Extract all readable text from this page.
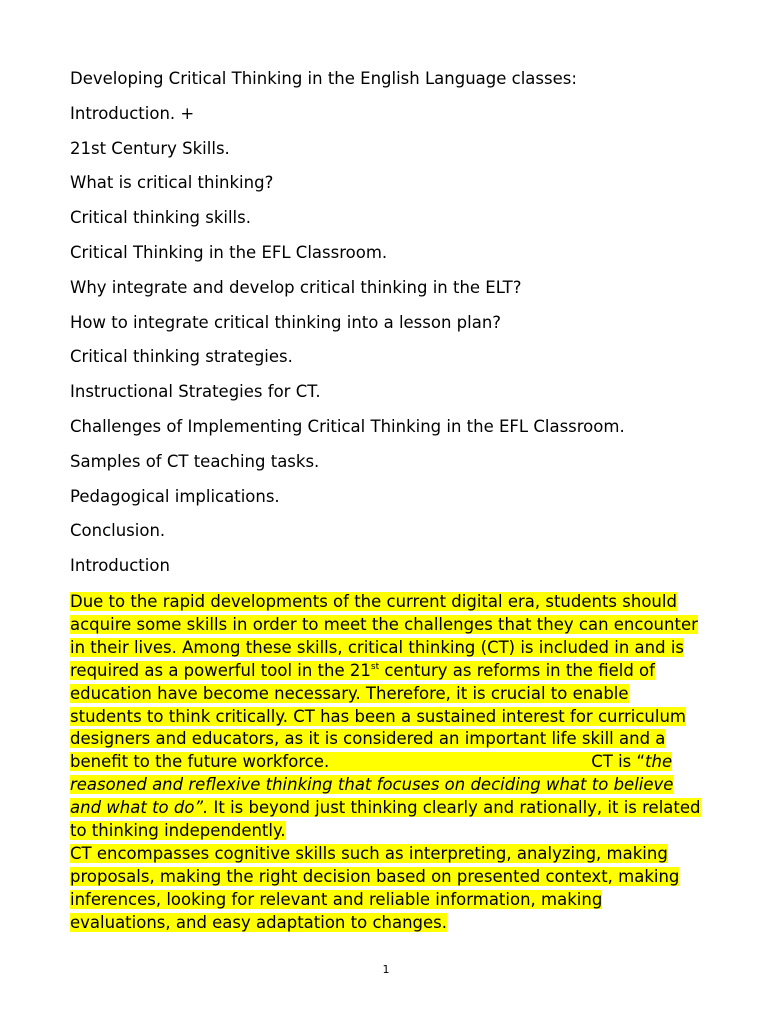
Developing Critical Thinking in the English Language classes:
Introduction. +
21st Century Skills.
What is critical thinking?
Critical thinking skills.
Critical Thinking in the EFL Classroom.
Why integrate and develop critical thinking in the ELT?
How to integrate critical thinking into a lesson plan?
Critical thinking strategies.
Instructional Strategies for CT.
Challenges of Implementing Critical Thinking in the EFL Classroom.
Samples of CT teaching tasks.
Pedagogical implications.
Conclusion.
Introduction

Due to the rapid developments of the current digital era, students should acquire some skills in order to meet the challenges that they can encounter in their lives. Among these skills, critical thinking (CT) is included in and is required as a powerful tool in the 21st century as reforms in the field of education have become necessary. Therefore, it is crucial to enable students to think critically. CT has been a sustained interest for curriculum designers and educators, as it is considered an important life skill and a benefit to the future workforce.	CT is “the reasoned and reflexive thinking that focuses on deciding what to believe and what to do”. It is beyond just thinking clearly and rationally, it is related to thinking independently.

CT encompasses cognitive skills such as interpreting, analyzing, making proposals, making the right decision based on presented context, making inferences, looking for relevant and reliable information, making evaluations, and easy adaptation to changes.

1
